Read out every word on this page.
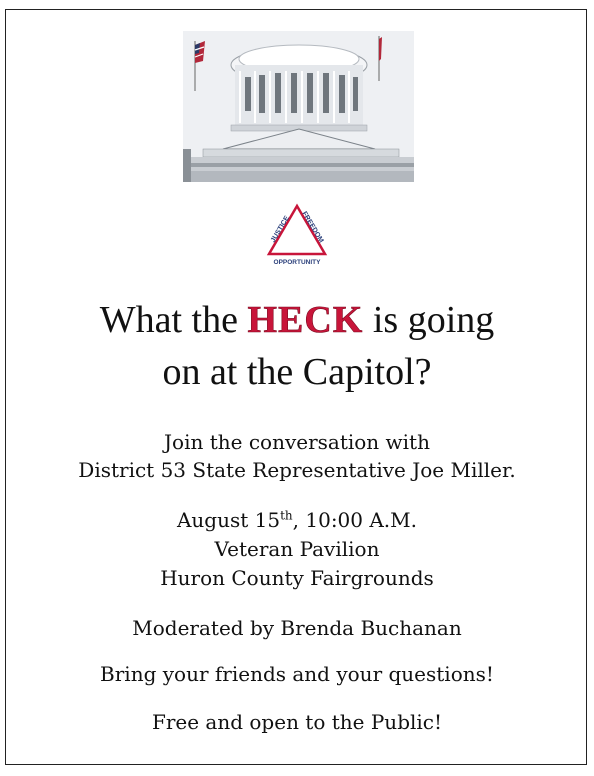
JUSTICE
FREEDOM
OPPORTUNITY
What the HECK is going
on at the Capitol?
Join the conversation with
District 53 State Representative Joe Miller.
August 15th, 10:00 A.M.
Veteran Pavilion
Huron County Fairgrounds
Moderated by Brenda Buchanan
Bring your friends and your questions!
Free and open to the Public!
